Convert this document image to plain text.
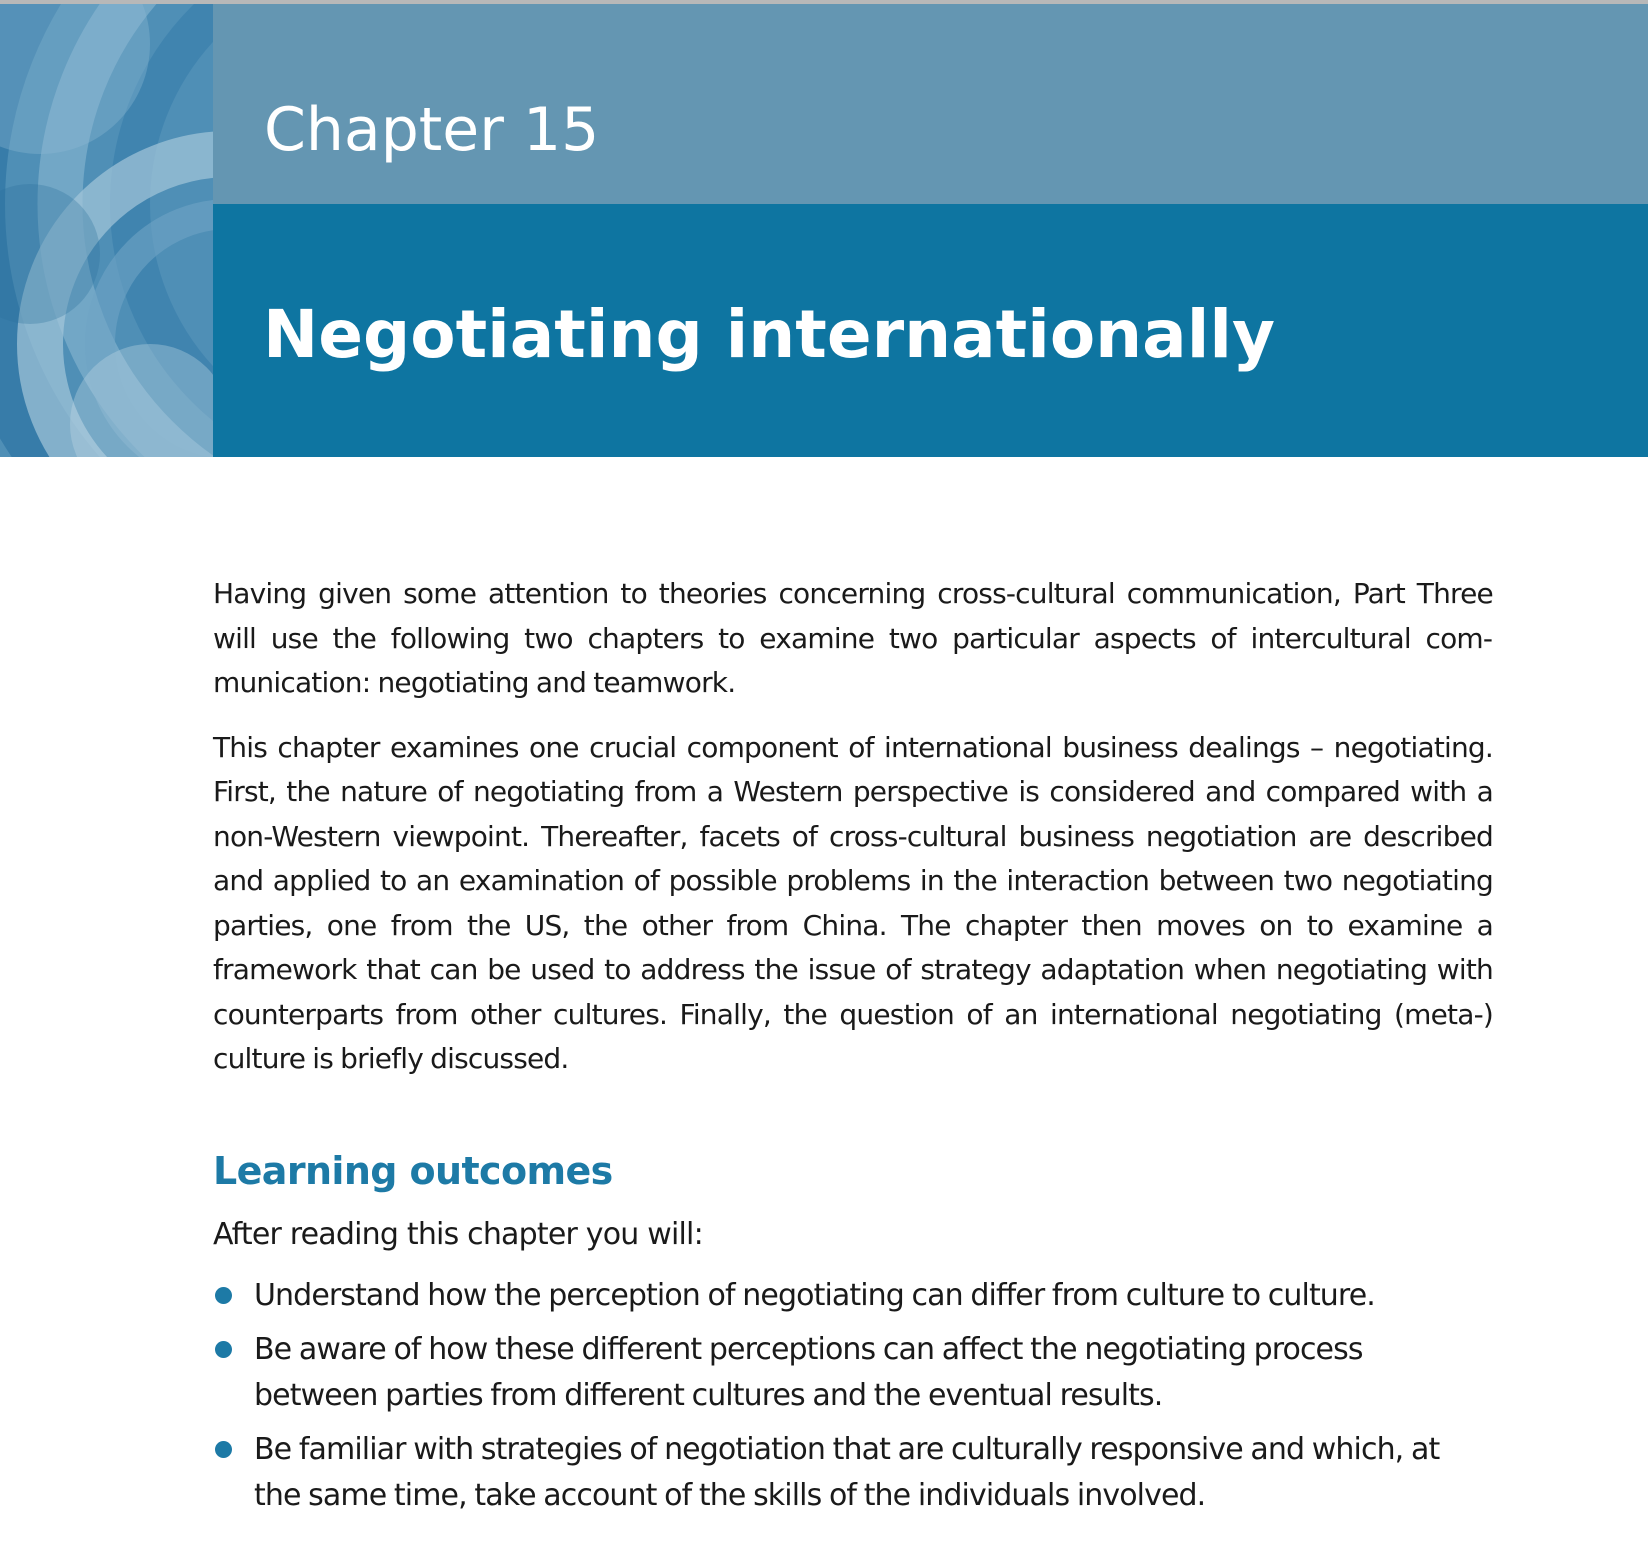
Chapter 15
Negotiating internationally

Having given some attention to theories concerning cross-cultural communication, Part Three will use the following two chapters to examine two particular aspects of intercultural communication: negotiating and teamwork.

This chapter examines one crucial component of international business dealings – negotiating. First, the nature of negotiating from a Western perspective is considered and compared with a non-Western viewpoint. Thereafter, facets of cross-cultural business negotiation are described and applied to an examination of possible problems in the interaction between two negotiating parties, one from the US, the other from China. The chapter then moves on to examine a framework that can be used to address the issue of strategy adaptation when negotiating with counterparts from other cultures. Finally, the question of an international negotiating (meta-) culture is briefly discussed.

Learning outcomes

After reading this chapter you will:

Understand how the perception of negotiating can differ from culture to culture.
Be aware of how these different perceptions can affect the negotiating process between parties from different cultures and the eventual results.
Be familiar with strategies of negotiation that are culturally responsive and which, at the same time, take account of the skills of the individuals involved.
